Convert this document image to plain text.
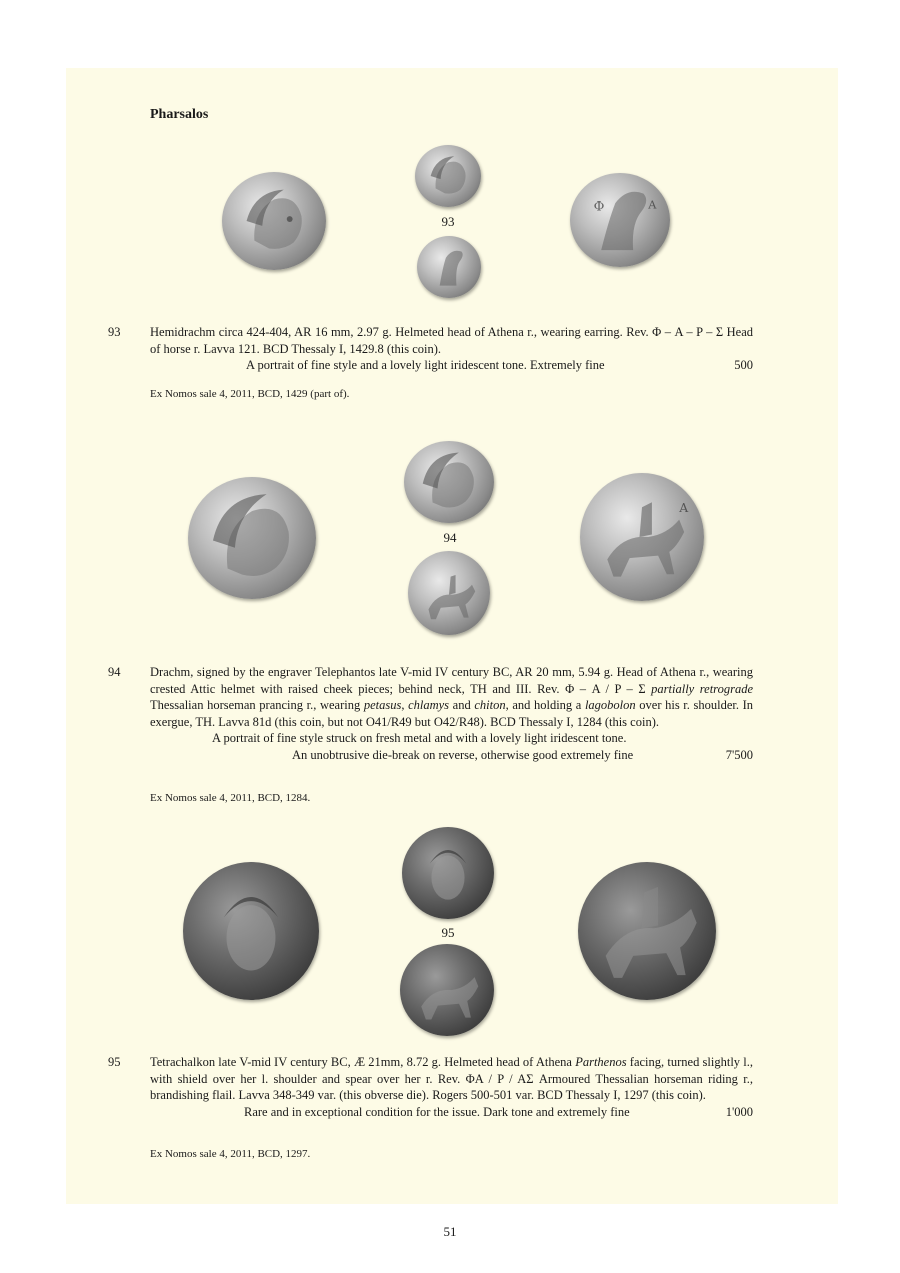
Pharsalos
93
Φ	A
93 Hemidrachm circa 424-404, AR 16 mm, 2.97 g. Helmeted head of Athena r., wearing earring. Rev. Φ – A – P – Σ Head of horse r. Lavva 121. BCD Thessaly I, 1429.8 (this coin).
A portrait of fine style and a lovely light iridescent tone. Extremely fine	500
Ex Nomos sale 4, 2011, BCD, 1429 (part of).
94
A
94 Drachm, signed by the engraver Telephantos late V-mid IV century BC, AR 20 mm, 5.94 g. Head of Athena r., wearing crested Attic helmet with raised cheek pieces; behind neck, TH and III. Rev. Φ – A / P – Σ partially retrograde Thessalian horseman prancing r., wearing petasus, chlamys and chiton, and holding a lagobolon over his r. shoulder. In exergue, TH. Lavva 81d (this coin, but not O41/R49 but O42/R48). BCD Thessaly I, 1284 (this coin).
A portrait of fine style struck on fresh metal and with a lovely light iridescent tone.
An unobtrusive die-break on reverse, otherwise good extremely fine	7'500
Ex Nomos sale 4, 2011, BCD, 1284.
95
95 Tetrachalkon late V-mid IV century BC, Æ 21mm, 8.72 g. Helmeted head of Athena Parthenos facing, turned slightly l., with shield over her l. shoulder and spear over her r. Rev. ΦA / P / AΣ Armoured Thessalian horseman riding r., brandishing flail. Lavva 348-349 var. (this obverse die). Rogers 500-501 var. BCD Thessaly I, 1297 (this coin).
Rare and in exceptional condition for the issue. Dark tone and extremely fine	1'000
Ex Nomos sale 4, 2011, BCD, 1297.
51
